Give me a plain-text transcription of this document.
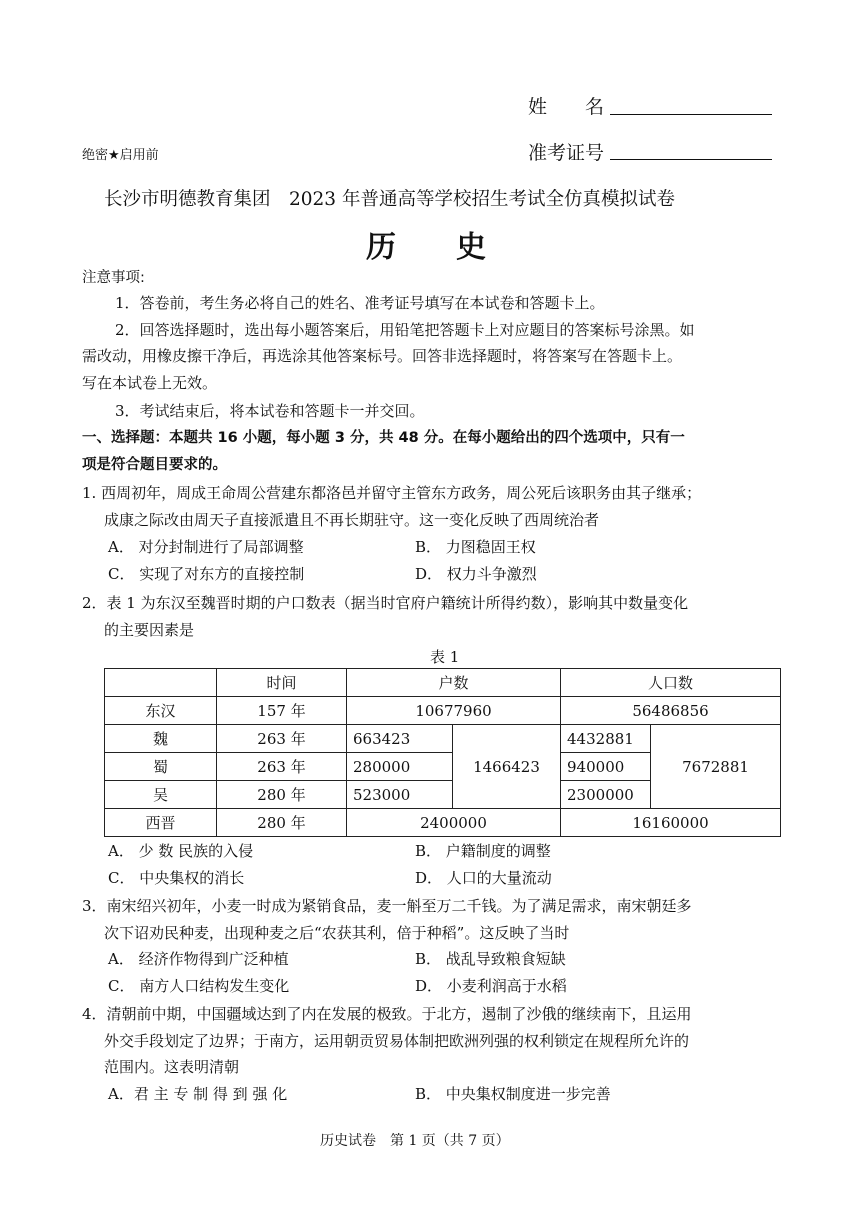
姓　　名
绝密★启用前	准考证号
长沙市明德教育集团　2023 年普通高等学校招生考试全仿真模拟试卷
历　　史
注意事项:
1．答卷前，考生务必将自己的姓名、准考证号填写在本试卷和答题卡上。
2．回答选择题时，选出每小题答案后，用铅笔把答题卡上对应题目的答案标号涂黑。如
需改动，用橡皮擦干净后，再选涂其他答案标号。回答非选择题时，将答案写在答题卡上。
写在本试卷上无效。
3．考试结束后，将本试卷和答题卡一并交回。
一、选择题：本题共 16 小题，每小题 3 分，共 48 分。在每小题给出的四个选项中，只有一
项是符合题目要求的。
1. 西周初年，周成王命周公营建东都洛邑并留守主管东方政务，周公死后该职务由其子继承；
成康之际改由周天子直接派遣且不再长期驻守。这一变化反映了西周统治者
A． 对分封制进行了局部调整	B． 力图稳固王权
C． 实现了对东方的直接控制	D． 权力斗争激烈
2．表 1 为东汉至魏晋时期的户口数表（据当时官府户籍统计所得约数），影响其中数量变化
的主要因素是
表 1
	时间	户数		人口数	
东汉	157 年	10677960		56486856	
魏	263 年	663423	1466423	4432881	7672881
蜀	263 年	280000		940000	
吴	280 年	523000		2300000	
西晋	280 年	2400000		16160000	
A． 少 数 民族的入侵	B． 户籍制度的调整
C． 中央集权的消长	D． 人口的大量流动
3．南宋绍兴初年，小麦一时成为紧销食品，麦一斛至万二千钱。为了满足需求，南宋朝廷多
次下诏劝民种麦，出现种麦之后“农获其利，倍于种稻”。这反映了当时
A． 经济作物得到广泛种植	B． 战乱导致粮食短缺
C． 南方人口结构发生变化	D． 小麦利润高于水稻
4．清朝前中期，中国疆域达到了内在发展的极致。于北方，遏制了沙俄的继续南下，且运用
外交手段划定了边界；于南方，运用朝贡贸易体制把欧洲列强的权利锁定在规程所允许的
范围内。这表明清朝
A．君 主 专 制 得 到 强 化	B． 中央集权制度进一步完善
历史试卷　第 1 页（共 7 页）
